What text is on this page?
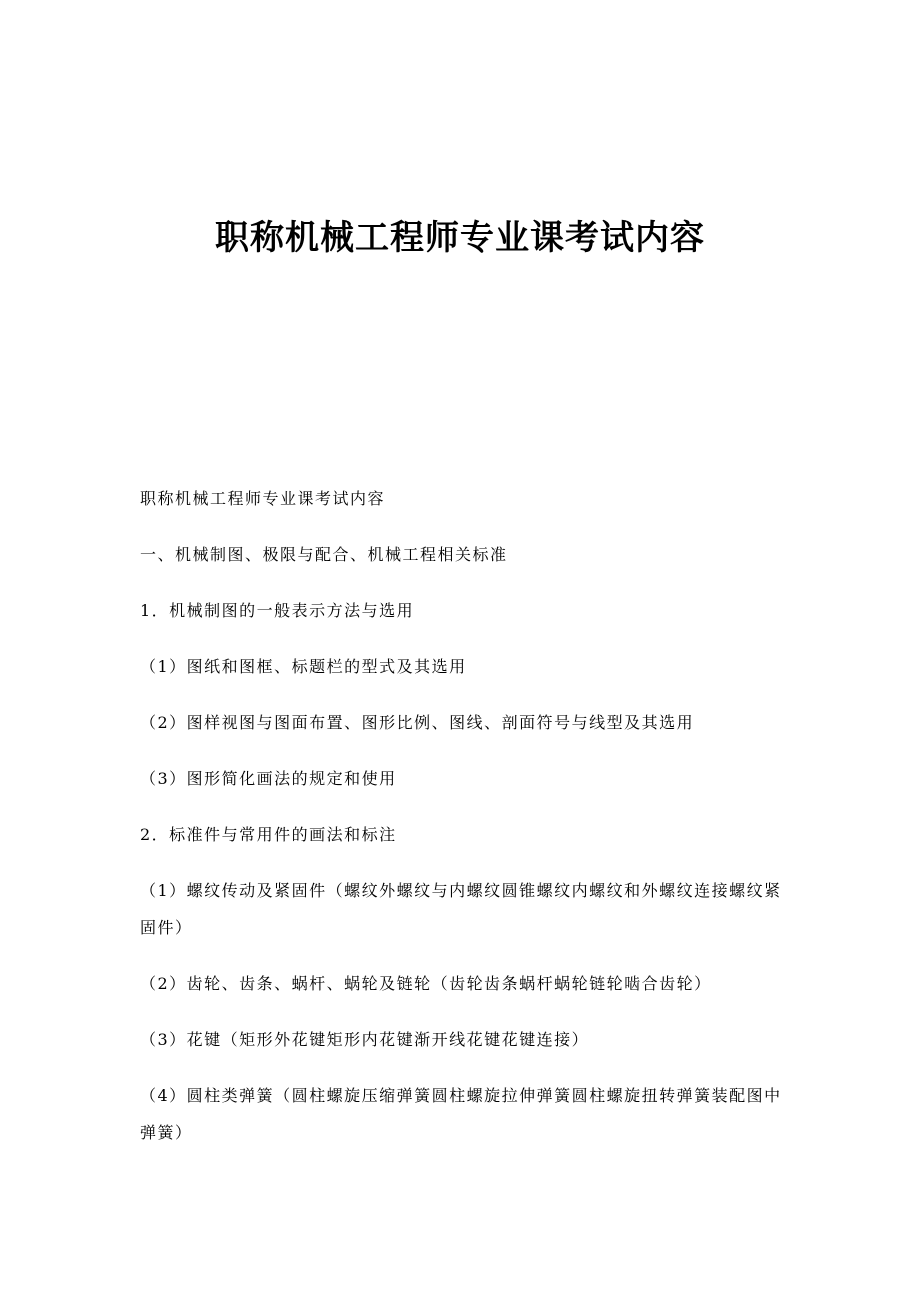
职称机械工程师专业课考试内容

职称机械工程师专业课考试内容

一、机械制图、极限与配合、机械工程相关标准

1．机械制图的一般表示方法与选用

（1）图纸和图框、标题栏的型式及其选用

（2）图样视图与图面布置、图形比例、图线、剖面符号与线型及其选用

（3）图形简化画法的规定和使用

2．标准件与常用件的画法和标注

（1）螺纹传动及紧固件（螺纹外螺纹与内螺纹圆锥螺纹内螺纹和外螺纹连接螺纹紧固件）

（2）齿轮、齿条、蜗杆、蜗轮及链轮（齿轮齿条蜗杆蜗轮链轮啮合齿轮）

（3）花键（矩形外花键矩形内花键渐开线花键花键连接）

（4）圆柱类弹簧（圆柱螺旋压缩弹簧圆柱螺旋拉伸弹簧圆柱螺旋扭转弹簧装配图中弹簧）
